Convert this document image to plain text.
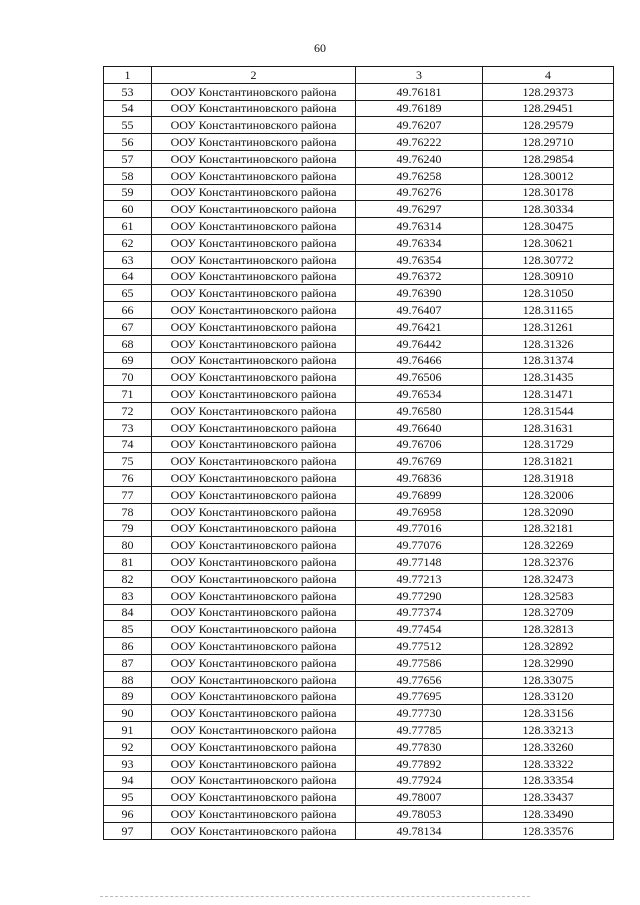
60
1	2	3	4
53	ООУ Константиновского района	49.76181	128.29373
54	ООУ Константиновского района	49.76189	128.29451
55	ООУ Константиновского района	49.76207	128.29579
56	ООУ Константиновского района	49.76222	128.29710
57	ООУ Константиновского района	49.76240	128.29854
58	ООУ Константиновского района	49.76258	128.30012
59	ООУ Константиновского района	49.76276	128.30178
60	ООУ Константиновского района	49.76297	128.30334
61	ООУ Константиновского района	49.76314	128.30475
62	ООУ Константиновского района	49.76334	128.30621
63	ООУ Константиновского района	49.76354	128.30772
64	ООУ Константиновского района	49.76372	128.30910
65	ООУ Константиновского района	49.76390	128.31050
66	ООУ Константиновского района	49.76407	128.31165
67	ООУ Константиновского района	49.76421	128.31261
68	ООУ Константиновского района	49.76442	128.31326
69	ООУ Константиновского района	49.76466	128.31374
70	ООУ Константиновского района	49.76506	128.31435
71	ООУ Константиновского района	49.76534	128.31471
72	ООУ Константиновского района	49.76580	128.31544
73	ООУ Константиновского района	49.76640	128.31631
74	ООУ Константиновского района	49.76706	128.31729
75	ООУ Константиновского района	49.76769	128.31821
76	ООУ Константиновского района	49.76836	128.31918
77	ООУ Константиновского района	49.76899	128.32006
78	ООУ Константиновского района	49.76958	128.32090
79	ООУ Константиновского района	49.77016	128.32181
80	ООУ Константиновского района	49.77076	128.32269
81	ООУ Константиновского района	49.77148	128.32376
82	ООУ Константиновского района	49.77213	128.32473
83	ООУ Константиновского района	49.77290	128.32583
84	ООУ Константиновского района	49.77374	128.32709
85	ООУ Константиновского района	49.77454	128.32813
86	ООУ Константиновского района	49.77512	128.32892
87	ООУ Константиновского района	49.77586	128.32990
88	ООУ Константиновского района	49.77656	128.33075
89	ООУ Константиновского района	49.77695	128.33120
90	ООУ Константиновского района	49.77730	128.33156
91	ООУ Константиновского района	49.77785	128.33213
92	ООУ Константиновского района	49.77830	128.33260
93	ООУ Константиновского района	49.77892	128.33322
94	ООУ Константиновского района	49.77924	128.33354
95	ООУ Константиновского района	49.78007	128.33437
96	ООУ Константиновского района	49.78053	128.33490
97	ООУ Константиновского района	49.78134	128.33576
